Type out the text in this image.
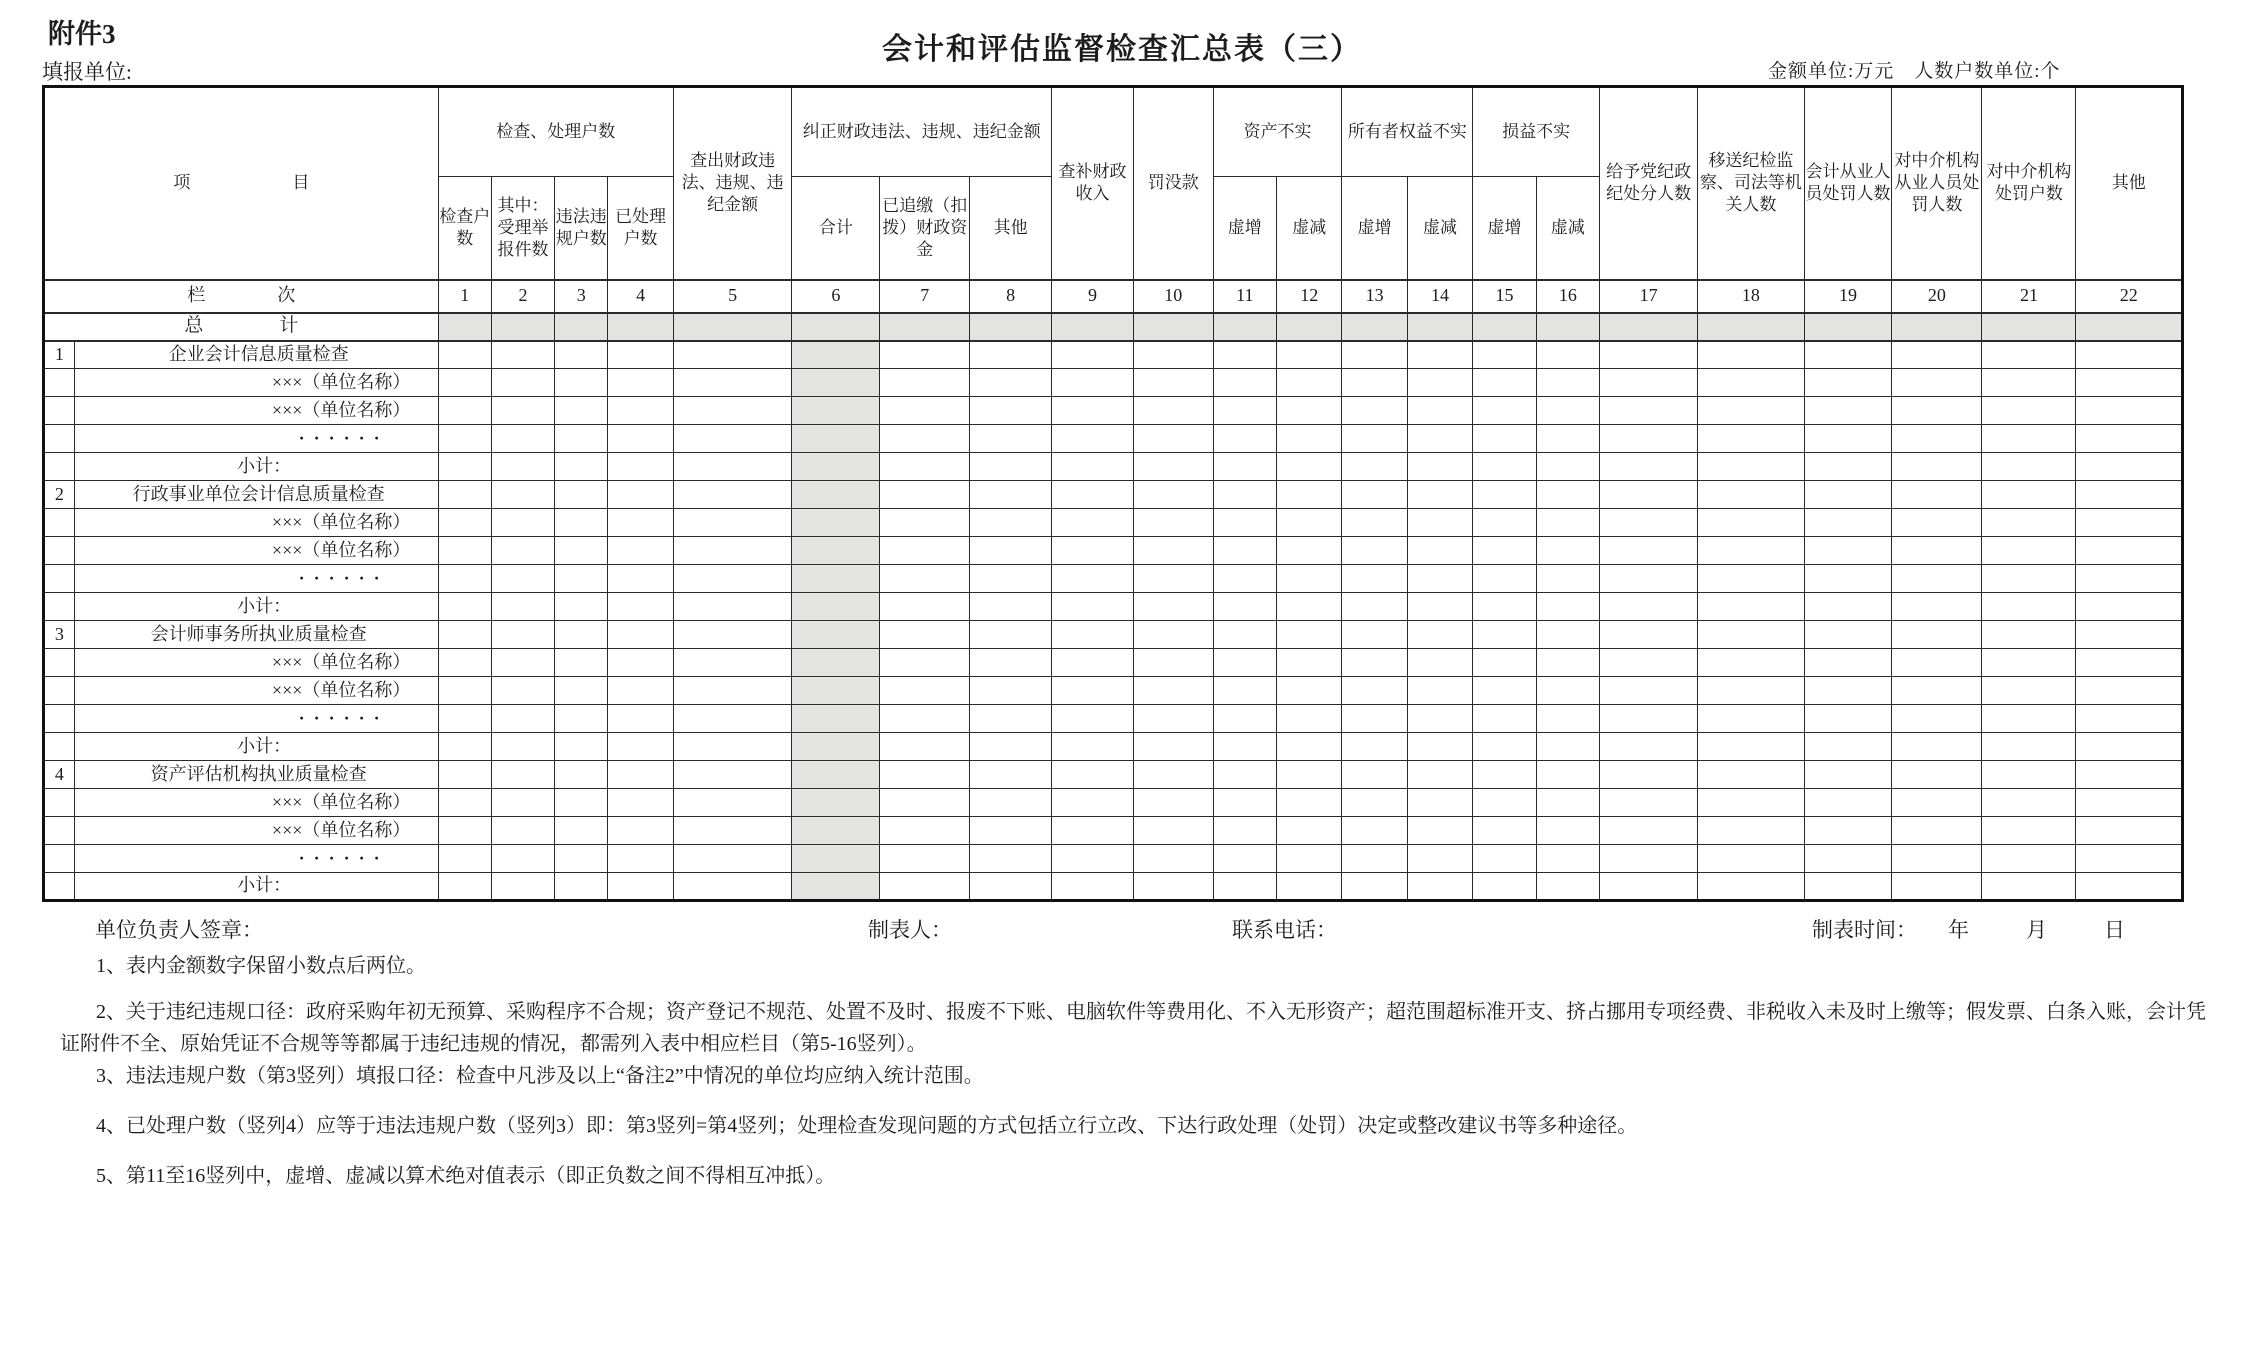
附件3	会计和评估监督检查汇总表（三）
填报单位:	金额单位:万元　人数户数单位:个
项　　　　　　目		检查、处理户数				查出财政违法、违规、违纪金额	纠正财政违法、违规、违纪金额			查补财政收入	罚没款	资产不实		所有者权益不实		损益不实		给予党纪政纪处分人数	移送纪检监察、司法等机关人数	会计从业人员处罚人数	对中介机构从业人员处罚人数	对中介机构处罚户数	其他
		检查户数	其中：受理举报件数	违法违规户数	已处理户数		合计	已追缴（扣拨）财政资金	其他			虚增	虚减	虚增	虚减	虚增	虚减						
栏　　　　次		1	2	3	4	5	6	7	8	9	10	11	12	13	14	15	16	17	18	19	20	21	22
总　　　　计																							
1	企业会计信息质量检查																						
	×××（单位名称）																						
	×××（单位名称）																						
	······																						
	小计：																						
2	行政事业单位会计信息质量检查																						
	×××（单位名称）																						
	×××（单位名称）																						
	······																						
	小计：																						
3	会计师事务所执业质量检查																						
	×××（单位名称）																						
	×××（单位名称）																						
	······																						
	小计：																						
4	资产评估机构执业质量检查																						
	×××（单位名称）																						
	×××（单位名称）																						
	······																						
	小计：																						
单位负责人签章：	制表人：	联系电话：	制表时间： 年　月　日

1、表内金额数字保留小数点后两位。

2、关于违纪违规口径：政府采购年初无预算、采购程序不合规；资产登记不规范、处置不及时、报废不下账、电脑软件等费用化、不入无形资产；超范围超标准开支、挤占挪用专项经费、非税收入未及时上缴等；假发票、白条入账，会计凭证附件不全、原始凭证不合规等等都属于违纪违规的情况，都需列入表中相应栏目（第5-16竖列）。

3、违法违规户数（第3竖列）填报口径：检查中凡涉及以上“备注2”中情况的单位均应纳入统计范围。

4、已处理户数（竖列4）应等于违法违规户数（竖列3）即：第3竖列=第4竖列；处理检查发现问题的方式包括立行立改、下达行政处理（处罚）决定或整改建议书等多种途径。

5、第11至16竖列中，虚增、虚减以算术绝对值表示（即正负数之间不得相互冲抵）。
